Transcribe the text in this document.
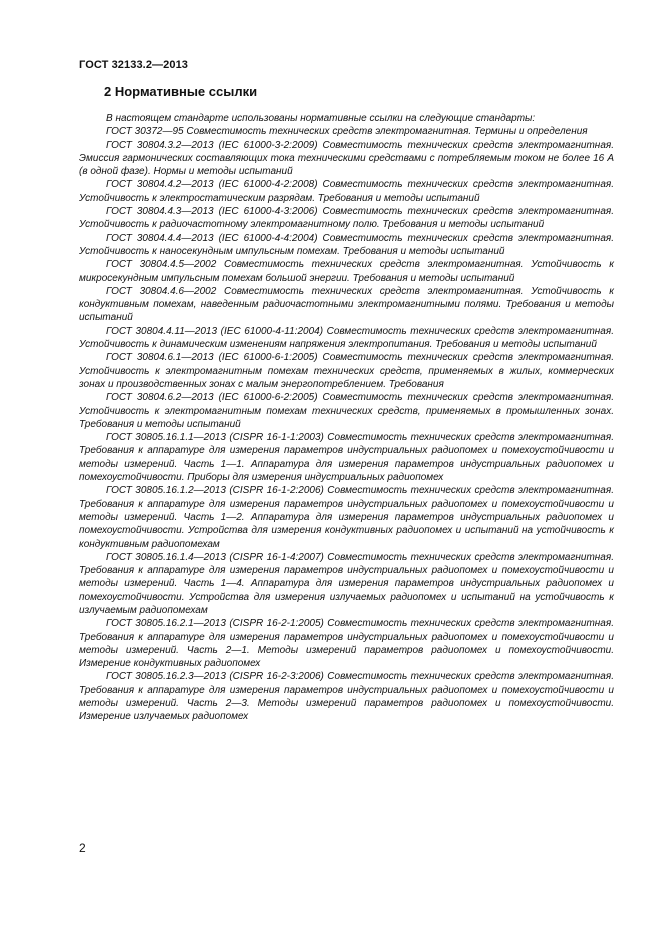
ГОСТ 32133.2—2013
2 Нормативные ссылки

В настоящем стандарте использованы нормативные ссылки на следующие стандарты:

ГОСТ 30372—95 Совместимость технических средств электромагнитная. Термины и определения

ГОСТ 30804.3.2—2013 (IEC 61000-3-2:2009) Совместимость технических средств электромагнитная. Эмиссия гармонических составляющих тока техническими средствами с потребляемым током не более 16 А (в одной фазе). Нормы и методы испытаний

ГОСТ 30804.4.2—2013 (IEC 61000-4-2:2008) Совместимость технических средств электромагнитная. Устойчивость к электростатическим разрядам. Требования и методы испытаний

ГОСТ 30804.4.3—2013 (IEC 61000-4-3:2006) Совместимость технических средств электромагнитная. Устойчивость к радиочастотному электромагнитному полю. Требования и методы испытаний

ГОСТ 30804.4.4—2013 (IEC 61000-4-4:2004) Совместимость технических средств электромагнитная. Устойчивость к наносекундным импульсным помехам. Требования и методы испытаний

ГОСТ 30804.4.5—2002 Совместимость технических средств электромагнитная. Устойчивость к микросекундным импульсным помехам большой энергии. Требования и методы испытаний

ГОСТ 30804.4.6—2002 Совместимость технических средств электромагнитная. Устойчивость к кондуктивным помехам, наведенным радиочастотными электромагнитными полями. Требования и методы испытаний

ГОСТ 30804.4.11—2013 (IEC 61000-4-11:2004) Совместимость технических средств электромагнитная. Устойчивость к динамическим изменениям напряжения электропитания. Требования и методы испытаний

ГОСТ 30804.6.1—2013 (IEC 61000-6-1:2005) Совместимость технических средств электромагнитная. Устойчивость к электромагнитным помехам технических средств, применяемых в жилых, коммерческих зонах и производственных зонах с малым энергопотреблением. Требования

ГОСТ 30804.6.2—2013 (IEC 61000-6-2:2005) Совместимость технических средств электромагнитная. Устойчивость к электромагнитным помехам технических средств, применяемых в промышленных зонах. Требования и методы испытаний

ГОСТ 30805.16.1.1—2013 (CISPR 16-1-1:2003) Совместимость технических средств электромагнитная. Требования к аппаратуре для измерения параметров индустриальных радиопомех и помехоустойчивости и методы измерений. Часть 1—1. Аппаратура для измерения параметров индустриальных радиопомех и помехоустойчивости. Приборы для измерения индустриальных радиопомех

ГОСТ 30805.16.1.2—2013 (CISPR 16-1-2:2006) Совместимость технических средств электромагнитная. Требования к аппаратуре для измерения параметров индустриальных радиопомех и помехоустойчивости и методы измерений. Часть 1—2. Аппаратура для измерения параметров индустриальных радиопомех и помехоустойчивости. Устройства для измерения кондуктивных радиопомех и испытаний на устойчивость к кондуктивным радиопомехам

ГОСТ 30805.16.1.4—2013 (CISPR 16-1-4:2007) Совместимость технических средств электромагнитная. Требования к аппаратуре для измерения параметров индустриальных радиопомех и помехоустойчивости и методы измерений. Часть 1—4. Аппаратура для измерения параметров индустриальных радиопомех и помехоустойчивости. Устройства для измерения излучаемых радиопомех и испытаний на устойчивость к излучаемым радиопомехам

ГОСТ 30805.16.2.1—2013 (CISPR 16-2-1:2005) Совместимость технических средств электромагнитная. Требования к аппаратуре для измерения параметров индустриальных радиопомех и помехоустойчивости и методы измерений. Часть 2—1. Методы измерений параметров радиопомех и помехоустойчивости. Измерение кондуктивных радиопомех

ГОСТ 30805.16.2.3—2013 (CISPR 16-2-3:2006) Совместимость технических средств электромагнитная. Требования к аппаратуре для измерения параметров индустриальных радиопомех и помехоустойчивости и методы измерений. Часть 2—3. Методы измерений параметров радиопомех и помехоустойчивости. Измерение излучаемых радиопомех

2
